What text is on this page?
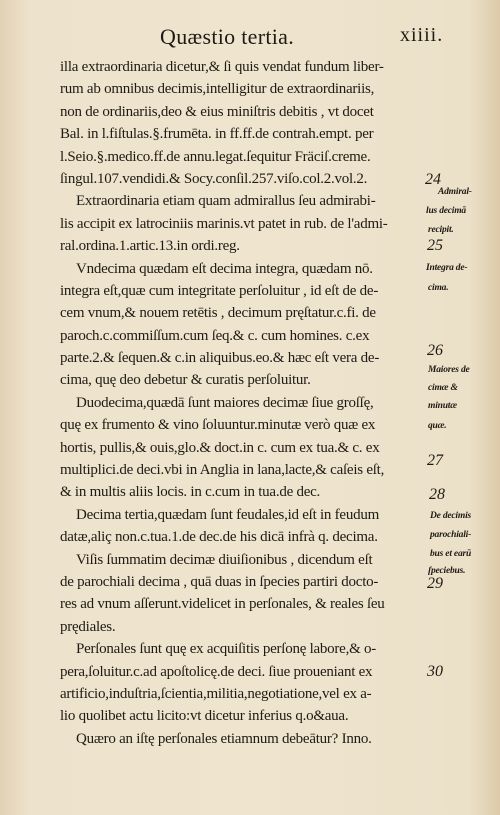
Quæstio tertia.	xiiii.
illa extraordinaria dicetur,& ſi quis vendat fundum liber-
rum ab omnibus decimis,intelligitur de extraordinariis,
non de ordinariis,deo & eius miniſtris debitis , vt docet
Bal. in l.fiſtulas.§.frumēta. in ff.ff.de contrah.empt. per
l.Seio.§.medico.ff.de annu.legat.ſequitur Fräciſ.creme.
ſingul.107.vendidi.& Socy.conſil.257.viſo.col.2.vol.2.
Extraordinaria etiam quam admirallus ſeu admirabi-
lis accipit ex latrociniis marinis.vt patet in rub. de l'admi-
ral.ordina.1.artic.13.in ordi.reg.
Vndecima quædam eſt decima integra, quædam nō.
integra eſt,quæ cum integritate perſoluitur , id eſt de de-
cem vnum,& nouem retētis , decimum pręſtatur.c.fi. de
paroch.c.commiſſum.cum ſeq.& c. cum homines. c.ex
parte.2.& ſequen.& c.in aliquibus.eo.& hæc eſt vera de-
cima, quę deo debetur & curatis perſoluitur.
Duodecima,quædā ſunt maiores decimæ ſiue groſſę,
quę ex frumento & vino ſoluuntur.minutæ verò quæ ex
hortis, pullis,& ouis,glo.& doct.in c. cum ex tua.& c. ex
multiplici.de deci.vbi in Anglia in lana,lacte,& caſeis eſt,
& in multis aliis locis. in c.cum in tua.de dec.
Decima tertia,quædam ſunt feudales,id eſt in feudum
datæ,aliç non.c.tua.1.de dec.de his dicā infrà q. decima.
Viſis ſummatim decimæ diuiſionibus , dicendum eſt
de parochiali decima , quā duas in ſpecies partiri docto-
res ad vnum aſſerunt.videlicet in perſonales, & reales ſeu
prędiales.
Perſonales ſunt quę ex acquiſitis perſonę labore,& o-
pera,ſoluitur.c.ad apoſtolicę.de deci. ſiue proueniant ex
artificio,induſtria,ſcientia,militia,negotiatione,vel ex a-
lio quolibet actu licito:vt dicetur inferius q.o&aua.
Quæro an iſtę perſonales etiamnum debeātur? Inno.
24
25
26
27
28
29
30
Admiral-
lus decimā
recipit.
Integra de-
cima.
Maiores de
cimæ &
minutæ
quæ.
De decimis
parochiali-
bus et earū
ſpeciebus.
